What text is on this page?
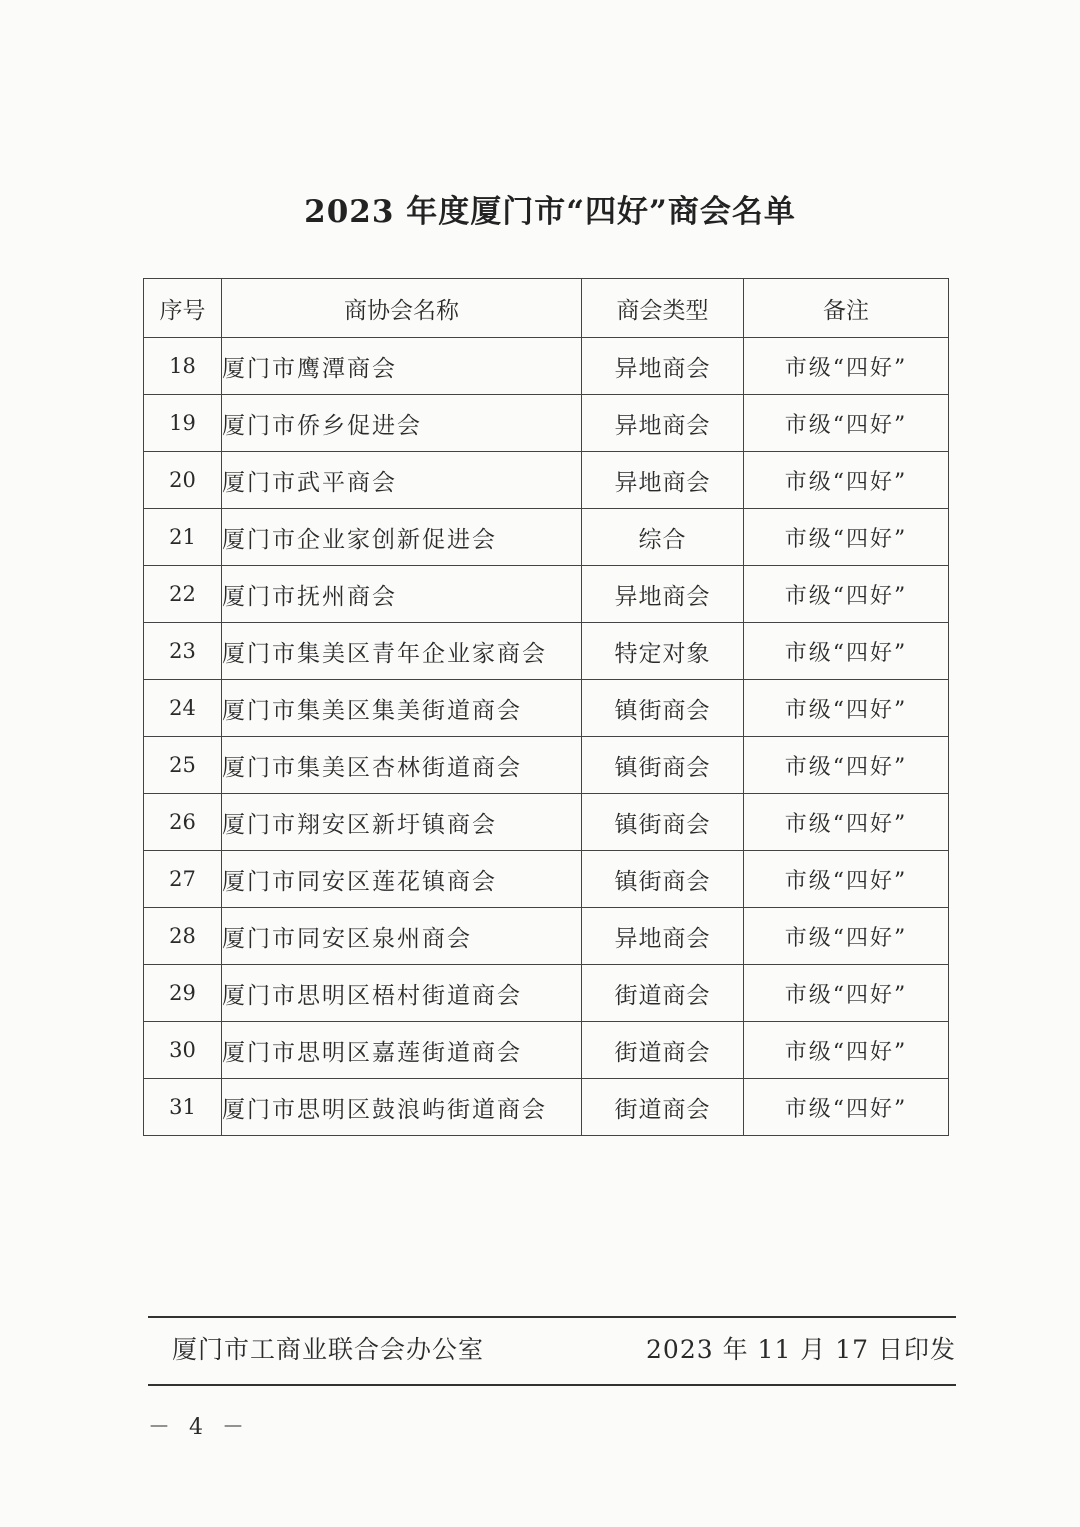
2023 年度厦门市“四好”商会名单
序号	商协会名称	商会类型	备注
18	厦门市鹰潭商会	异地商会	市级“四好”
19	厦门市侨乡促进会	异地商会	市级“四好”
20	厦门市武平商会	异地商会	市级“四好”
21	厦门市企业家创新促进会	综合	市级“四好”
22	厦门市抚州商会	异地商会	市级“四好”
23	厦门市集美区青年企业家商会	特定对象	市级“四好”
24	厦门市集美区集美街道商会	镇街商会	市级“四好”
25	厦门市集美区杏林街道商会	镇街商会	市级“四好”
26	厦门市翔安区新圩镇商会	镇街商会	市级“四好”
27	厦门市同安区莲花镇商会	镇街商会	市级“四好”
28	厦门市同安区泉州商会	异地商会	市级“四好”
29	厦门市思明区梧村街道商会	街道商会	市级“四好”
30	厦门市思明区嘉莲街道商会	街道商会	市级“四好”
31	厦门市思明区鼓浪屿街道商会	街道商会	市级“四好”
厦门市工商业联合会办公室	2023 年 11 月 17 日印发
－ 4 －
